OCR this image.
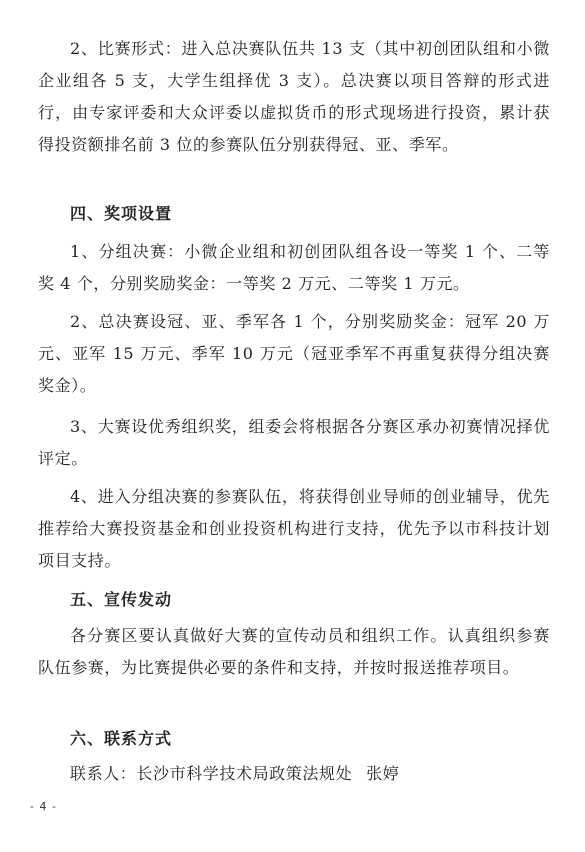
2、比赛形式：进入总决赛队伍共 13 支（其中初创团队组和小微企业组各 5 支，大学生组择优 3 支）。总决赛以项目答辩的形式进行，由专家评委和大众评委以虚拟货币的形式现场进行投资，累计获得投资额排名前 3 位的参赛队伍分别获得冠、亚、季军。

四、奖项设置

1、分组决赛：小微企业组和初创团队组各设一等奖 1 个、二等奖 4 个，分别奖励奖金：一等奖 2 万元、二等奖 1 万元。

2、总决赛设冠、亚、季军各 1 个，分别奖励奖金：冠军 20 万元、亚军 15 万元、季军 10 万元（冠亚季军不再重复获得分组决赛奖金）。

3、大赛设优秀组织奖，组委会将根据各分赛区承办初赛情况择优评定。

4、进入分组决赛的参赛队伍，将获得创业导师的创业辅导，优先推荐给大赛投资基金和创业投资机构进行支持，优先予以市科技计划项目支持。

五、宣传发动

各分赛区要认真做好大赛的宣传动员和组织工作。认真组织参赛队伍参赛，为比赛提供必要的条件和支持，并按时报送推荐项目。

六、联系方式

联系人：长沙市科学技术局政策法规处 张婷

- 4 -
